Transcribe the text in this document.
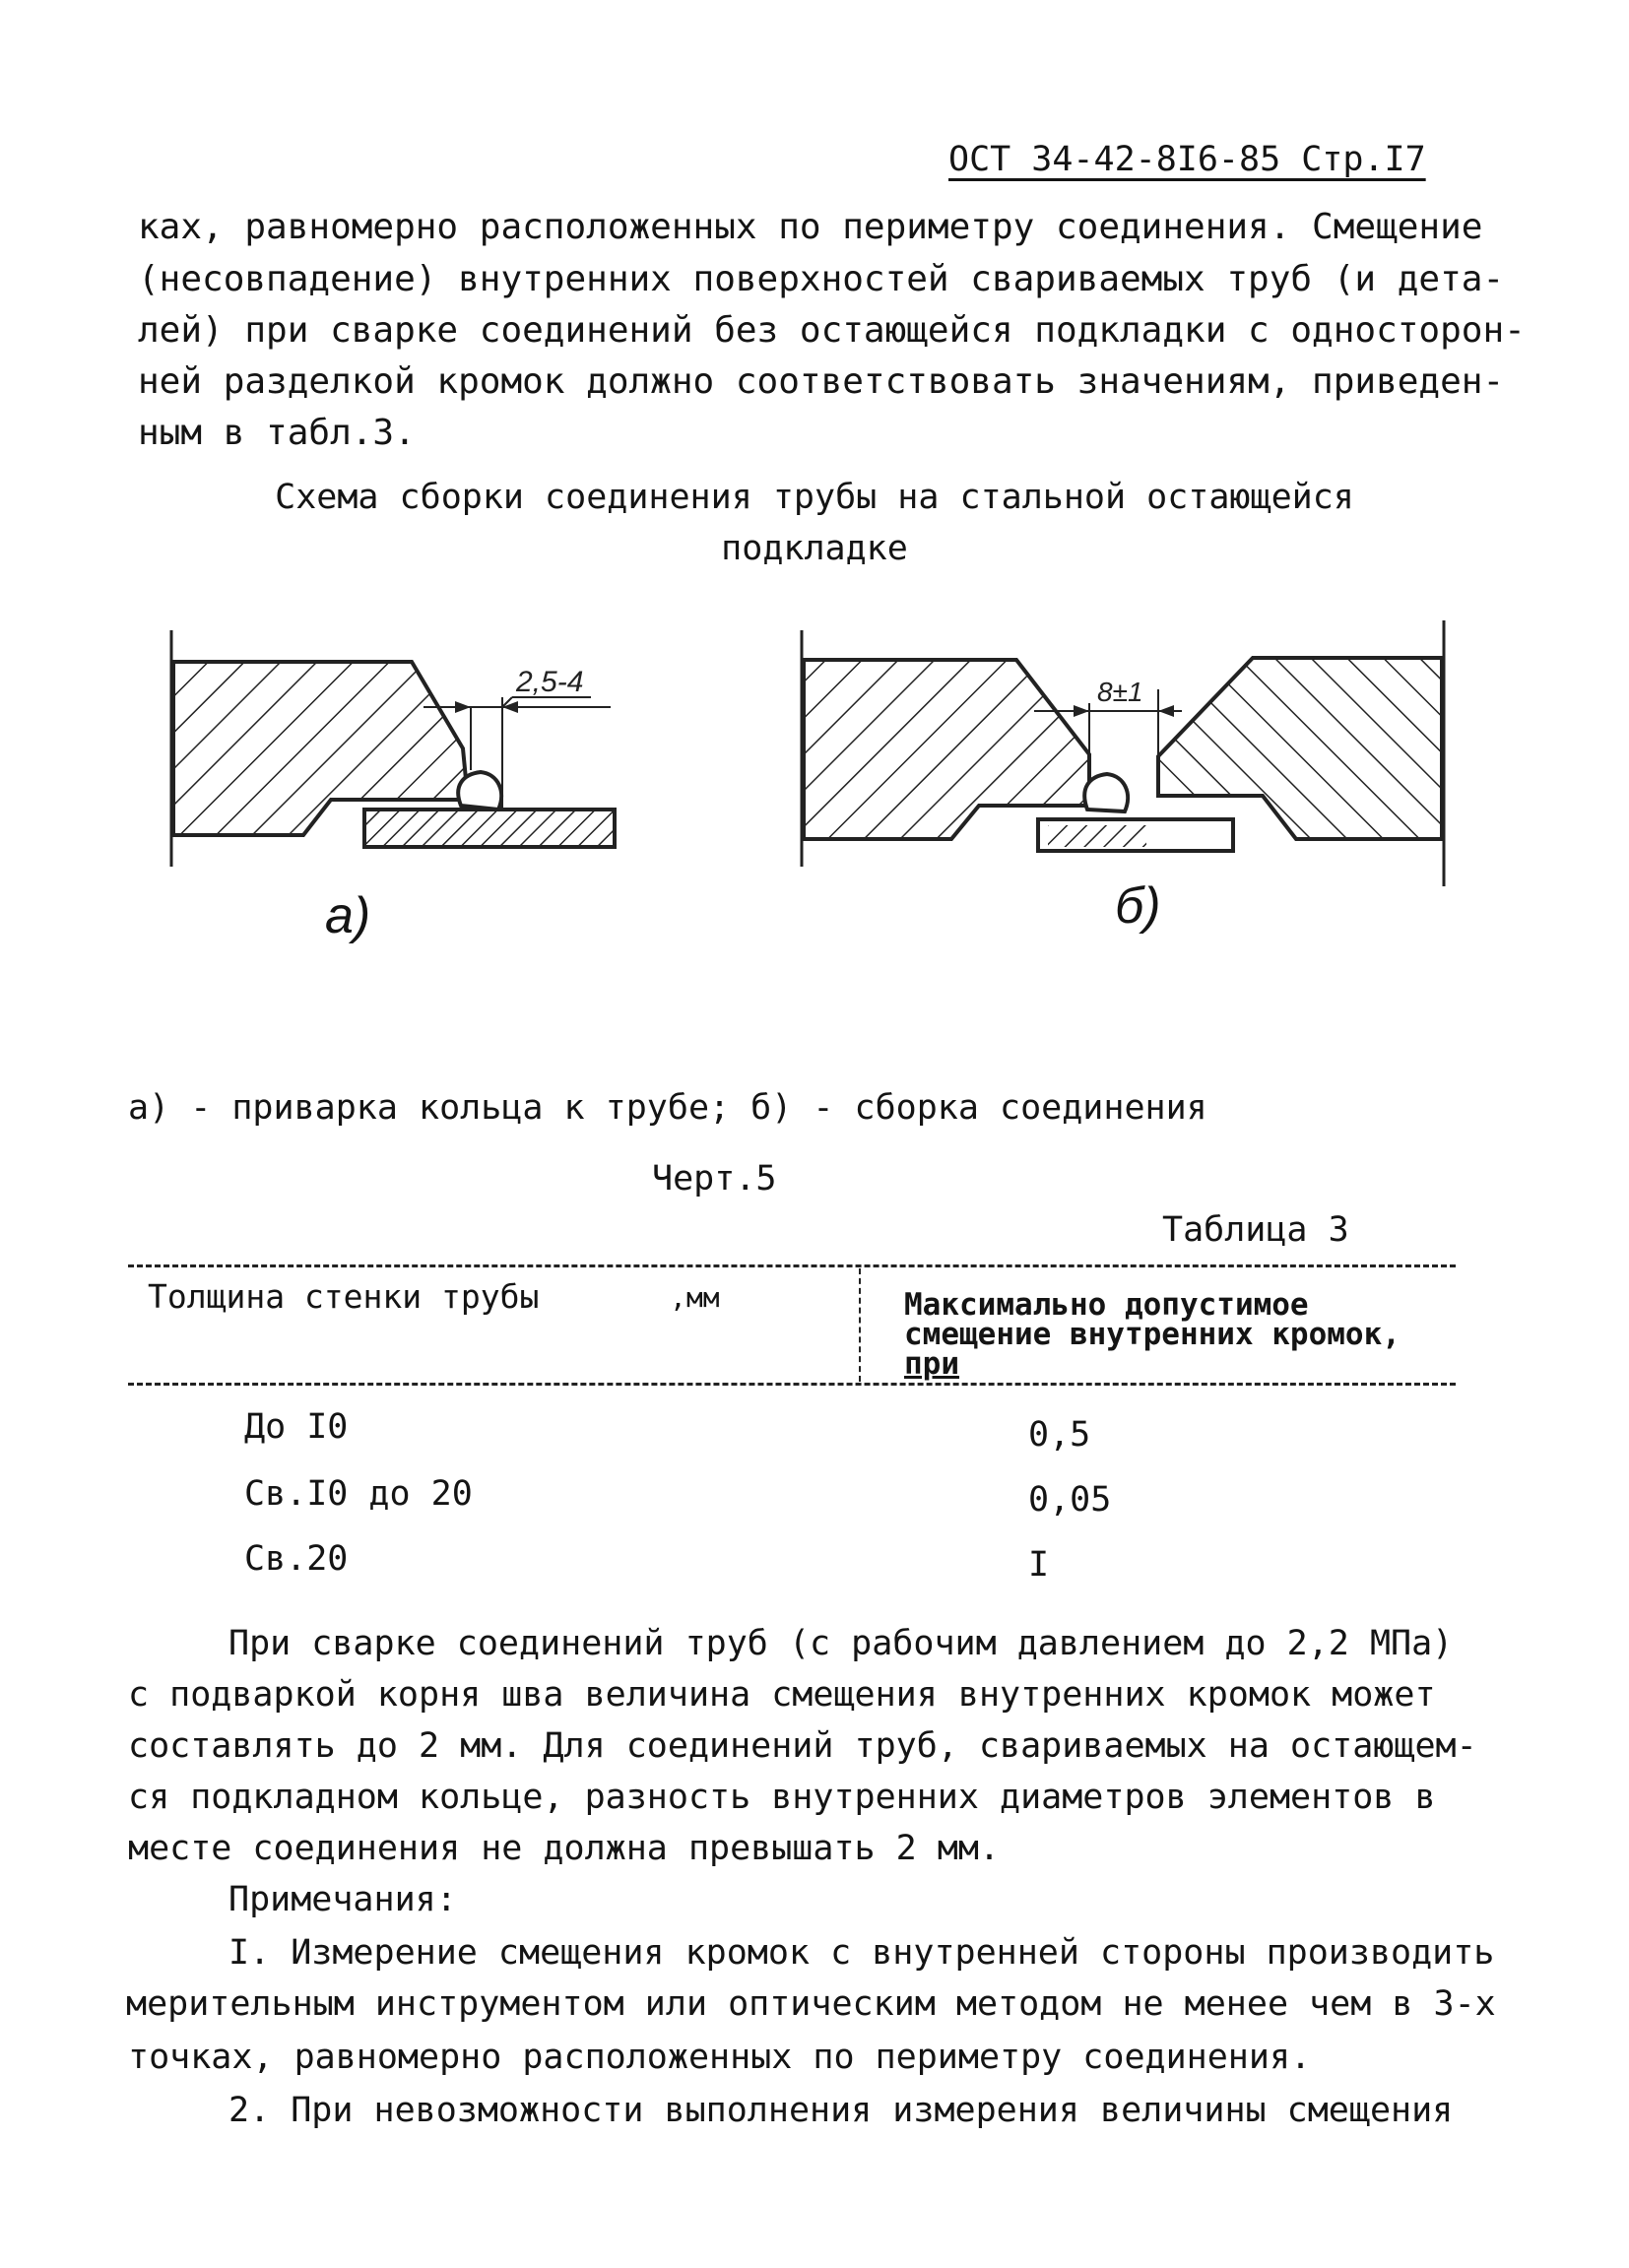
ОСТ 34-42-8I6-85 Стр.I7
каx, равномерно расположенных по периметру соединения. Смещение
(несовпадение) внутренних поверхностей свариваемых труб (и дета-
лей) при сварке соединений без остающейся подкладки с односторон-
ней разделкой кромок должно соответствовать значениям, приведен-
ным в табл.3.
Схема сборки соединения трубы на стальной остающейся
подкладке
2,5-4	8±1
а)	б)
а) - приварка кольца к трубе; б) - сборка соединения
Черт.5
Таблица 3
Толщина стенки трубы	,мм	Максимально допустимое
смещение внутренних кромок,
при
До I0	0,5
Св.I0 до 20	0,05
Св.20	I
При сварке соединений труб (с рабочим давлением до 2,2 МПа)
с подваркой корня шва величина смещения внутренних кромок может
составлять до 2 мм. Для соединений труб, свариваемых на остающем-
ся подкладном кольце, разность внутренних диаметров элементов в
месте соединения не должна превышать 2 мм.
Примечания:
I. Измерение смещения кромок с внутренней стороны производить
мерительным инструментом или оптическим методом не менее чем в 3-х
точках, равномерно расположенных по периметру соединения.
2. При невозможности выполнения измерения величины смещения
